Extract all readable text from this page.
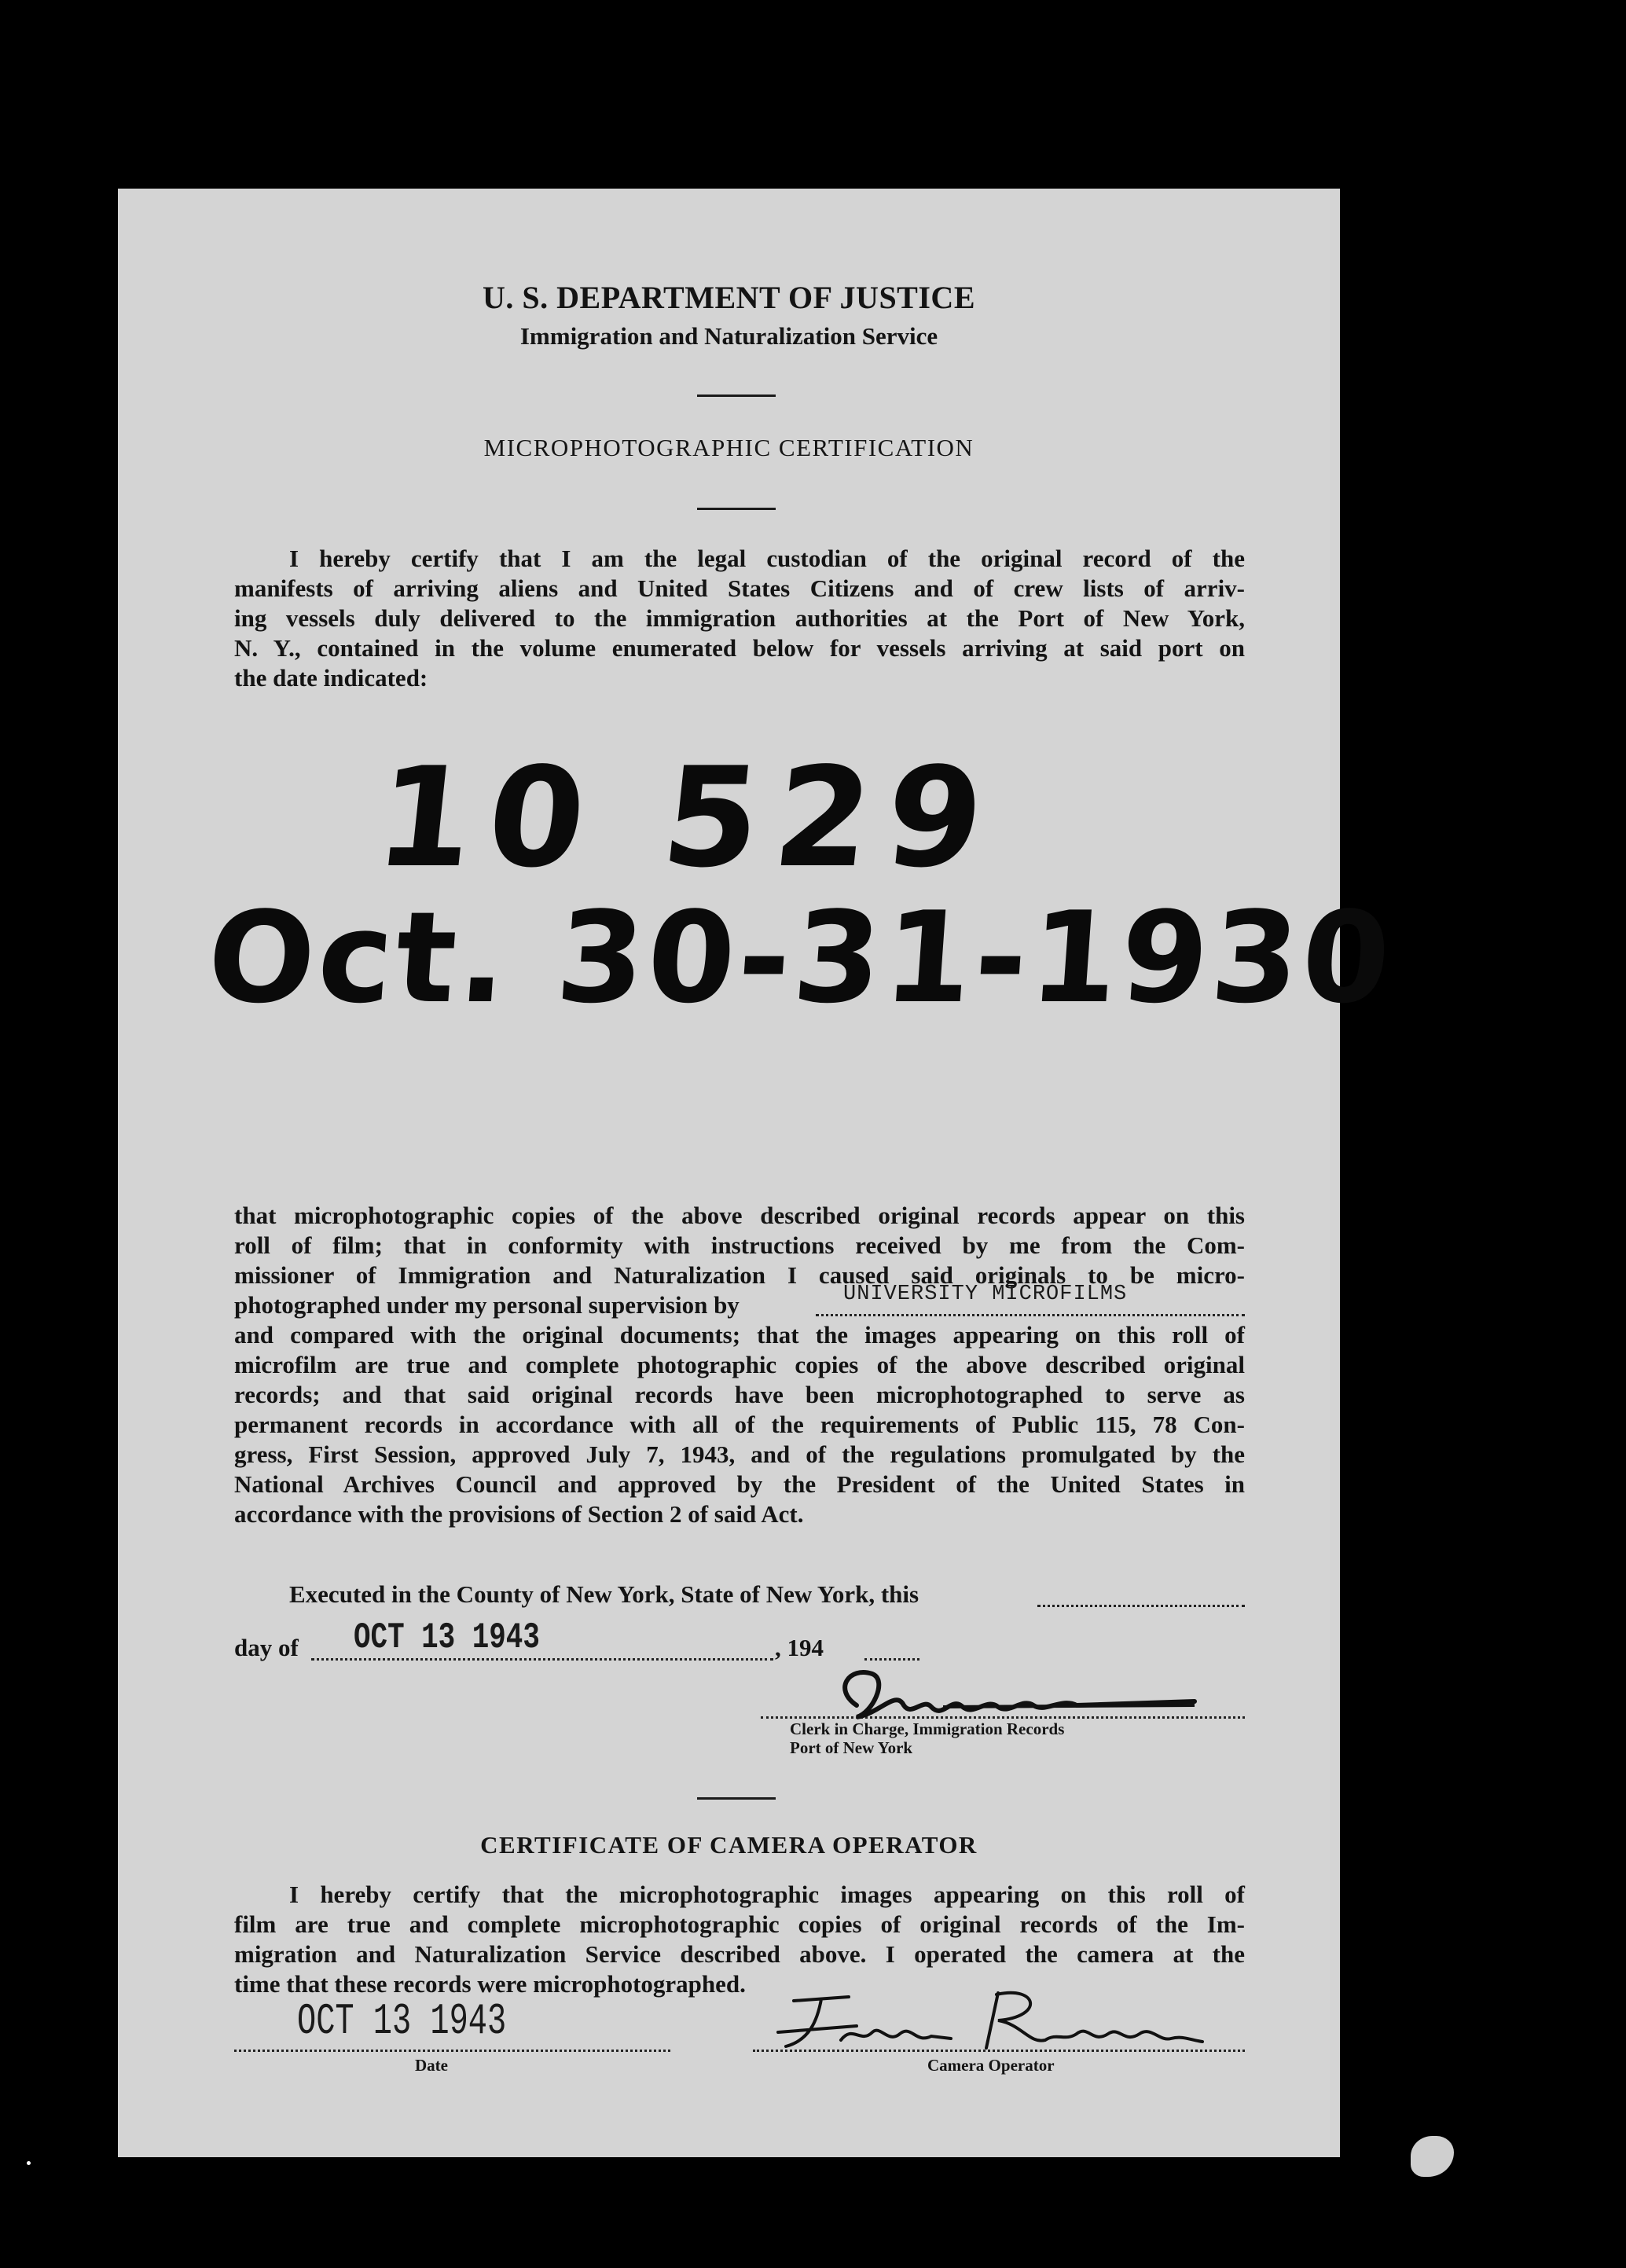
U. S. DEPARTMENT OF JUSTICE
Immigration and Naturalization Service
MICROPHOTOGRAPHIC CERTIFICATION
I hereby certify that I am the legal custodian of the original record of the
manifests of arriving aliens and United States Citizens and of crew lists of arriv-
ing vessels duly delivered to the immigration authorities at the Port of New York,
N. Y., contained in the volume enumerated below for vessels arriving at said port on
the date indicated:
10 529
Oct. 30-31-1930
that microphotographic copies of the above described original records appear on this
roll of film; that in conformity with instructions received by me from the Com-
missioner of Immigration and Naturalization I caused said originals to be micro-
photographed under my personal supervision by	UNIVERSITY MICROFILMS
and compared with the original documents; that the images appearing on this roll of
microfilm are true and complete photographic copies of the above described original
records; and that said original records have been microphotographed to serve as
permanent records in accordance with all of the requirements of Public 115, 78 Con-
gress, First Session, approved July 7, 1943, and of the regulations promulgated by the
National Archives Council and approved by the President of the United States in
accordance with the provisions of Section 2 of said Act.
Executed in the County of New York, State of New York, this
day of	OCT 13 1943	, 194
Clerk in Charge, Immigration Records
Port of New York
CERTIFICATE OF CAMERA OPERATOR
I hereby certify that the microphotographic images appearing on this roll of
film are true and complete microphotographic copies of original records of the Im-
migration and Naturalization Service described above. I operated the camera at the
time that these records were microphotographed.
OCT 13 1943
Date	Camera Operator
